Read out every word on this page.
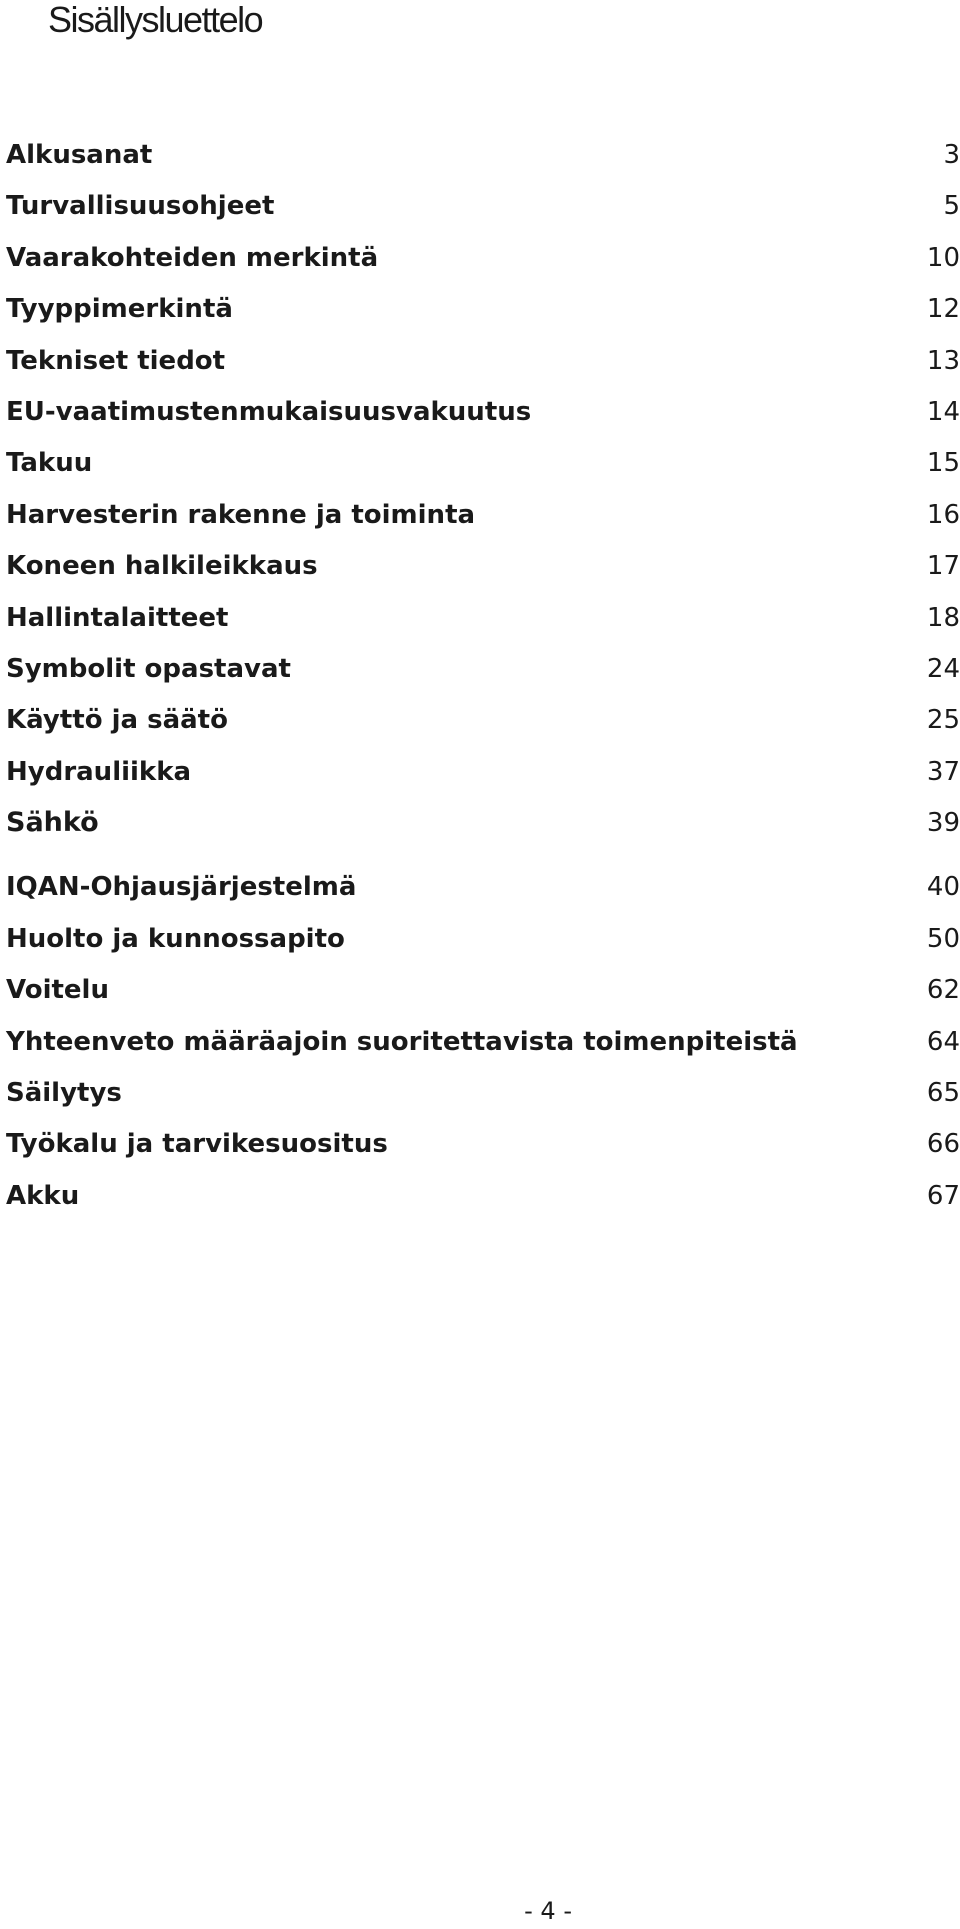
Sisällysluettelo
Alkusanat	3
Turvallisuusohjeet	5
Vaarakohteiden merkintä	10
Tyyppimerkintä	12
Tekniset tiedot	13
EU-vaatimustenmukaisuusvakuutus	14
Takuu	15
Harvesterin rakenne ja toiminta	16
Koneen halkileikkaus	17
Hallintalaitteet	18
Symbolit opastavat	24
Käyttö ja säätö	25
Hydrauliikka	37
Sähkö	39
IQAN-Ohjausjärjestelmä	40
Huolto ja kunnossapito	50
Voitelu	62
Yhteenveto määräajoin suoritettavista toimenpiteistä	64
Säilytys	65
Työkalu ja tarvikesuositus	66
Akku	67
- 4 -
